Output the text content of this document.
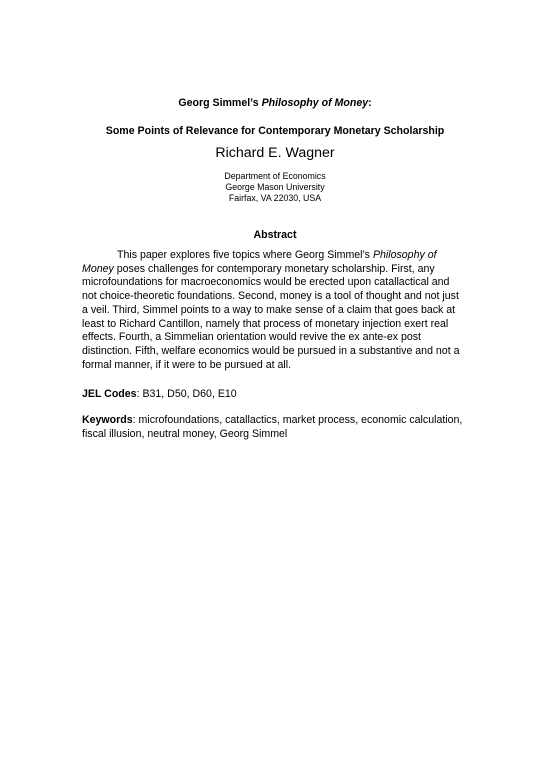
Georg Simmel’s Philosophy of Money:
Some Points of Relevance for Contemporary Monetary Scholarship
Richard E. Wagner
Department of Economics
George Mason University
Fairfax, VA 22030, USA
Abstract
This paper explores five topics where Georg Simmel’s Philosophy of
Money poses challenges for contemporary monetary scholarship. First, any
microfoundations for macroeconomics would be erected upon catallactical and
not choice-theoretic foundations. Second, money is a tool of thought and not just
a veil. Third, Simmel points to a way to make sense of a claim that goes back at
least to Richard Cantillon, namely that process of monetary injection exert real
effects. Fourth, a Simmelian orientation would revive the ex ante-ex post
distinction. Fifth, welfare economics would be pursued in a substantive and not a
formal manner, if it were to be pursued at all.
JEL Codes: B31, D50, D60, E10
Keywords: microfoundations, catallactics, market process, economic calculation,
fiscal illusion, neutral money, Georg Simmel
